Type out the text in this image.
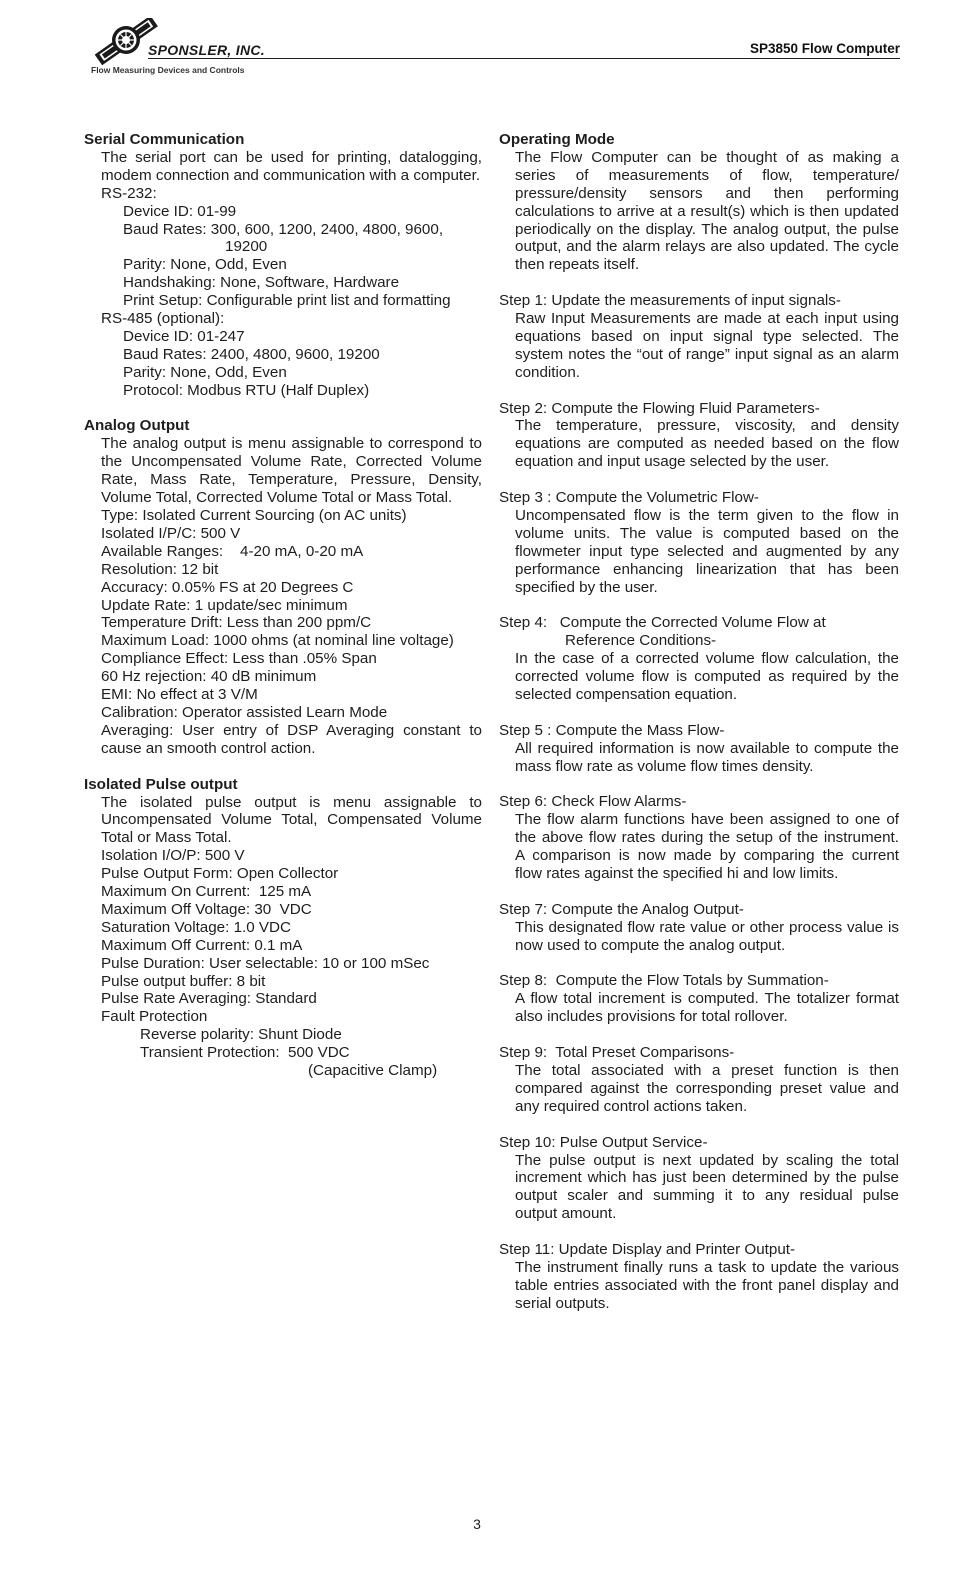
SPONSLER, INC.
Flow Measuring Devices and Controls
SP3850 Flow Computer

Serial Communication

The serial port can be used for printing, datalogging, modem connection and communication with a computer.

RS-232:

Device ID: 01-99

Baud Rates: 300, 600, 1200, 2400, 4800, 9600,

19200

Parity: None, Odd, Even

Handshaking: None, Software, Hardware

Print Setup: Configurable print list and formatting

RS-485 (optional):

Device ID: 01-247

Baud Rates: 2400, 4800, 9600, 19200

Parity: None, Odd, Even

Protocol: Modbus RTU (Half Duplex)

Analog Output

The analog output is menu assignable to correspond to the Uncompensated Volume Rate, Corrected Volume Rate, Mass Rate, Temperature, Pressure, Density, Volume Total, Corrected Volume Total or Mass Total.

Type: Isolated Current Sourcing (on AC units)

Isolated I/P/C: 500 V

Available Ranges:    4-20 mA, 0-20 mA

Resolution: 12 bit

Accuracy: 0.05% FS at 20 Degrees C

Update Rate: 1 update/sec minimum

Temperature Drift: Less than 200 ppm/C

Maximum Load: 1000 ohms (at nominal line voltage)

Compliance Effect: Less than .05% Span

60 Hz rejection: 40 dB minimum

EMI: No effect at 3 V/M

Calibration: Operator assisted Learn Mode

Averaging: User entry of DSP Averaging constant to cause an smooth control action.

Isolated Pulse output

The isolated pulse output is menu assignable to Uncompensated Volume Total, Compensated Volume Total or Mass Total.

Isolation I/O/P: 500 V

Pulse Output Form: Open Collector

Maximum On Current:  125 mA

Maximum Off Voltage: 30  VDC

Saturation Voltage: 1.0 VDC

Maximum Off Current: 0.1 mA

Pulse Duration: User selectable: 10 or 100 mSec

Pulse output buffer: 8 bit

Pulse Rate Averaging: Standard

Fault Protection

Reverse polarity: Shunt Diode

Transient Protection:  500 VDC

(Capacitive Clamp)

Operating Mode

The Flow Computer can be thought of as making a series of measurements of flow, temperature/ pressure/density sensors and then performing calculations to arrive at a result(s) which is then updated periodically on the display. The analog output, the pulse output, and the alarm relays are also updated. The cycle then repeats itself.

Step 1: Update the measurements of input signals-

Raw Input Measurements are made at each input using equations based on input signal type selected. The system notes the “out of range” input signal as an alarm condition.

Step 2: Compute the Flowing Fluid Parameters-

The temperature, pressure, viscosity, and density equations are computed as needed based on the flow equation and input usage selected by the user.

Step 3 : Compute the Volumetric Flow-

Uncompensated flow is the term given to the flow in volume units. The value is computed based on the flowmeter input type selected and augmented by any performance enhancing linearization that has been specified by the user.

Step 4:   Compute the Corrected Volume Flow at

Reference Conditions-

In the case of a corrected volume flow calculation, the corrected volume flow is computed as required by the selected compensation equation.

Step 5 : Compute the Mass Flow-

All required information is now available to compute the mass flow rate as volume flow times density.

Step 6: Check Flow Alarms-

The flow alarm functions have been assigned to one of the above flow rates during the setup of the instrument. A comparison is now made by comparing the current flow rates against the specified hi and low limits.

Step 7: Compute the Analog Output-

This designated flow rate value or other process value is now used to compute the analog output.

Step 8:  Compute the Flow Totals by Summation-

A flow total increment is computed. The totalizer format also includes provisions for total rollover.

Step 9:  Total Preset Comparisons-

The total associated with a preset function is then compared against the corresponding preset value and any required control actions taken.

Step 10: Pulse Output Service-

The pulse output is next updated by scaling the total increment which has just been determined by the pulse output scaler and summing it to any residual pulse output amount.

Step 11: Update Display and Printer Output-

The instrument finally runs a task to update the various table entries associated with the front panel display and serial outputs.

3
